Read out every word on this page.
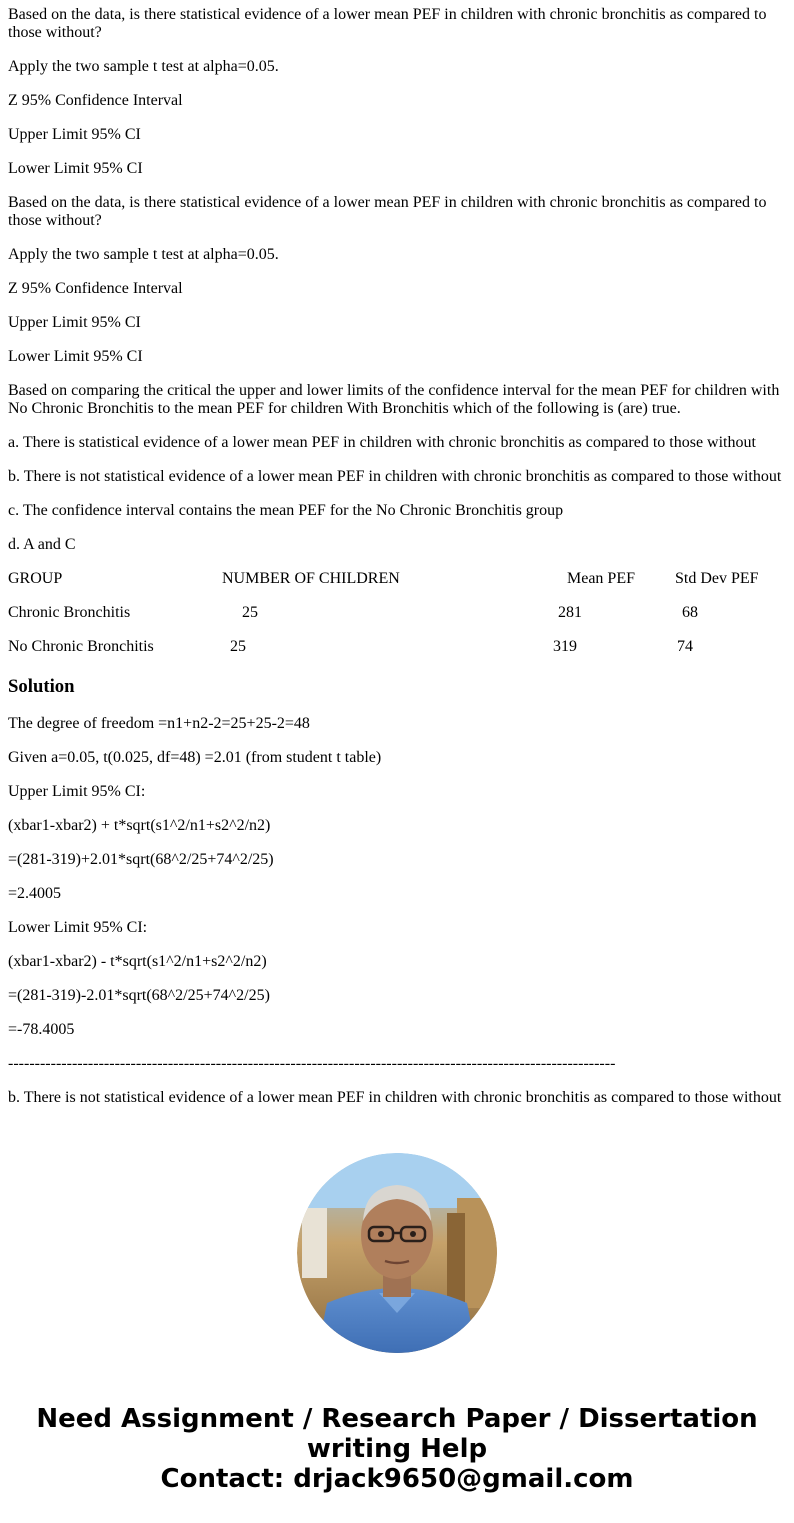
Based on the data, is there statistical evidence of a lower mean PEF in children with chronic bronchitis as compared to those without?

Apply the two sample t test at alpha=0.05.

Z 95% Confidence Interval

Upper Limit 95% CI

Lower Limit 95% CI

Based on the data, is there statistical evidence of a lower mean PEF in children with chronic bronchitis as compared to those without?

Apply the two sample t test at alpha=0.05.

Z 95% Confidence Interval

Upper Limit 95% CI

Lower Limit 95% CI

Based on comparing the critical the upper and lower limits of the confidence interval for the mean PEF for children with No Chronic Bronchitis to the mean PEF for children With Bronchitis which of the following is (are) true.

a. There is statistical evidence of a lower mean PEF in children with chronic bronchitis as compared to those without

b. There is not statistical evidence of a lower mean PEF in children with chronic bronchitis as compared to those without

c. The confidence interval contains the mean PEF for the No Chronic Bronchitis group

d. A and C

GROUP	NUMBER OF CHILDREN	Mean PEF	Std Dev PEF
Chronic Bronchitis	25	281	68
No Chronic Bronchitis	25	319	74
Solution

The degree of freedom =n1+n2-2=25+25-2=48

Given a=0.05, t(0.025, df=48) =2.01 (from student t table)

Upper Limit 95% CI:

(xbar1-xbar2) + t*sqrt(s1^2/n1+s2^2/n2)

=(281-319)+2.01*sqrt(68^2/25+74^2/25)

=2.4005

Lower Limit 95% CI:

(xbar1-xbar2) - t*sqrt(s1^2/n1+s2^2/n2)

=(281-319)-2.01*sqrt(68^2/25+74^2/25)

=-78.4005

------------------------------------------------------------------------------------------------------------------

b. There is not statistical evidence of a lower mean PEF in children with chronic bronchitis as compared to those without

Need Assignment / Research Paper / Dissertation
writing Help
Contact: drjack9650@gmail.com
